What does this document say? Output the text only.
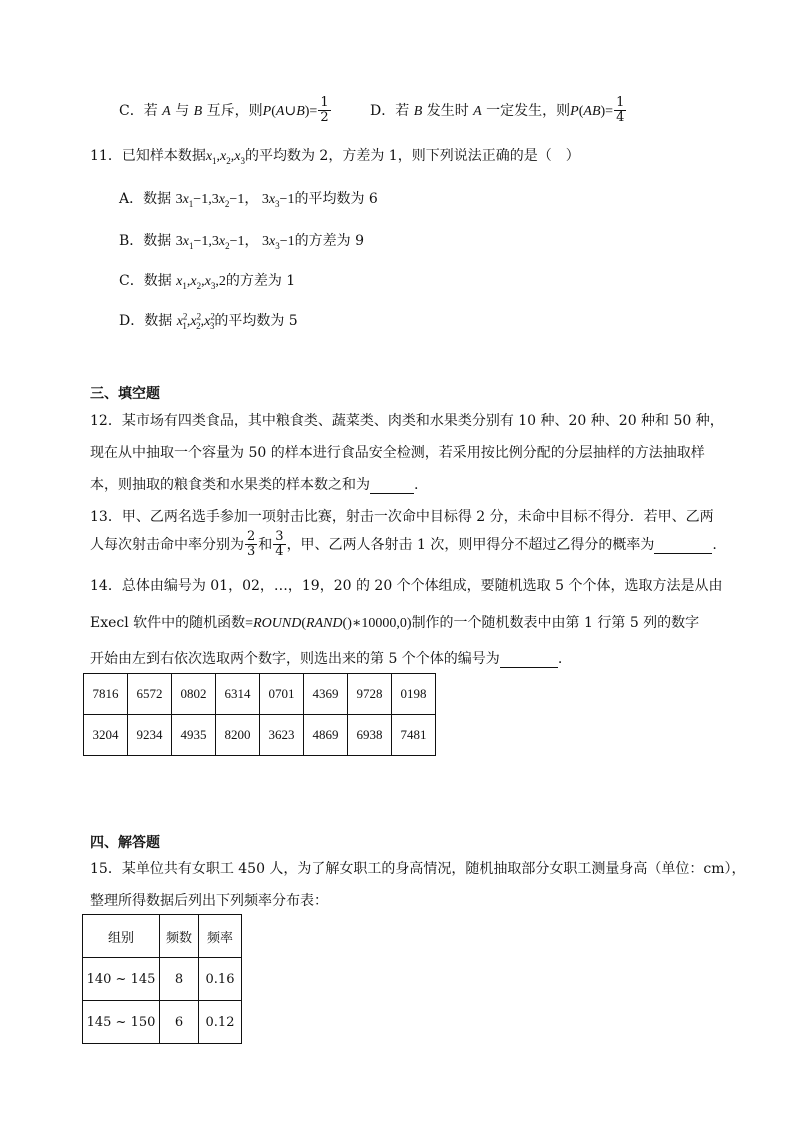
C．若 A 与 B 互斥，则P(A∪B)= $\frac{1}{2}$	D．若 B 发生时 A 一定发生，则$P(AB)= \frac{1}{4}$
11．已知样本数据$x_1,x_2,x_3$的平均数为 2，方差为 1，则下列说法正确的是（　）
A．数据 $3x_1-1,3x_2-1$， $3x_3-1$的平均数为 6
B．数据 $3x_1-1,3x_2-1$， $3x_3-1$的方差为 9
C．数据 $x_1,x_2,x_3,2$的方差为 1
D．数据 $x^2_1,x^2_2,x^2_3$的平均数为 5
三、填空题
12．某市场有四类食品，其中粮食类、蔬菜类、肉类和水果类分别有 10 种、20 种、20 种和 50 种，
现在从中抽取一个容量为 50 的样本进行食品安全检测，若采用按比例分配的分层抽样的方法抽取样
本，则抽取的粮食类和水果类的样本数之和为	.
13．甲、乙两名选手参加一项射击比赛，射击一次命中目标得 2 分，未命中目标不得分．若甲、乙两
人每次射击命中率分别为 $\frac{2}{3}$ 和 $\frac{3}{4}$ ，甲、乙两人各射击 1 次，则甲得分不超过乙得分的概率为	.
14．总体由编号为 01，02，…，19，20 的 20 个个体组成，要随机选取 5 个个体，选取方法是从由
Execl 软件中的随机函数=ROUND(RAND()∗10000,0)制作的一个随机数表中由第 1 行第 5 列的数字
开始由左到右依次选取两个数字，则选出来的第 5 个个体的编号为	.
7816	6572	0802	6314	0701	4369	9728	0198
3204	9234	4935	8200	3623	4869	6938	7481
四、解答题
15．某单位共有女职工 450 人，为了解女职工的身高情况，随机抽取部分女职工测量身高（单位：cm），
整理所得数据后列出下列频率分布表：
组别	频数	频率
140 ~ 145	8	0.16
145 ~ 150	6	0.12
